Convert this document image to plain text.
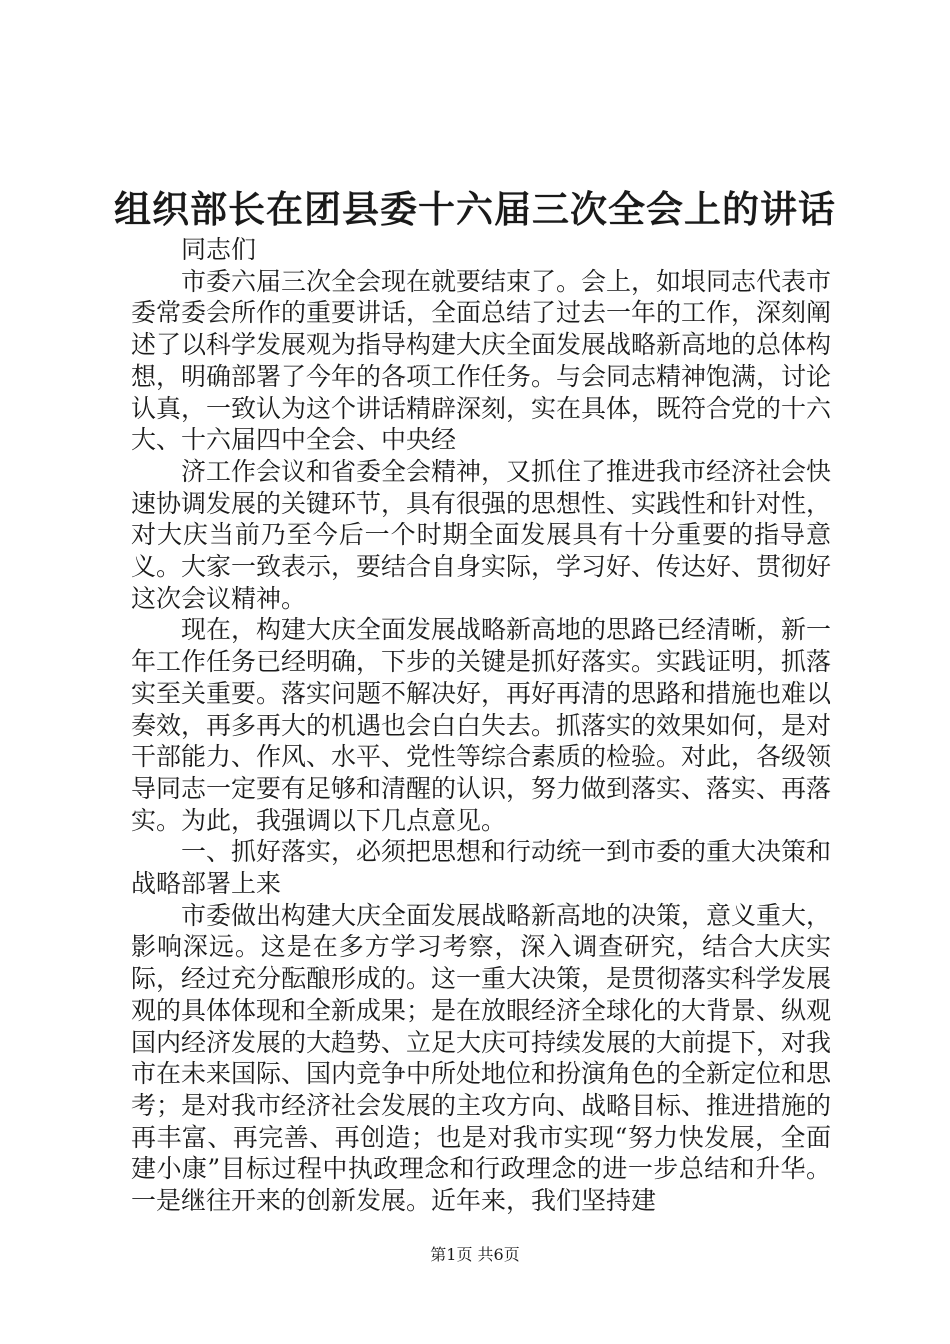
组织部长在团县委十六届三次全会上的讲话

同志们

市委六届三次全会现在就要结束了。会上，如垠同志代表市委常委会所作的重要讲话，全面总结了过去一年的工作，深刻阐述了以科学发展观为指导构建大庆全面发展战略新高地的总体构想，明确部署了今年的各项工作任务。与会同志精神饱满，讨论认真，一致认为这个讲话精辟深刻，实在具体，既符合党的十六大、十六届四中全会、中央经

济工作会议和省委全会精神，又抓住了推进我市经济社会快速协调发展的关键环节，具有很强的思想性、实践性和针对性，对大庆当前乃至今后一个时期全面发展具有十分重要的指导意义。大家一致表示，要结合自身实际，学习好、传达好、贯彻好这次会议精神。

现在，构建大庆全面发展战略新高地的思路已经清晰，新一年工作任务已经明确，下步的关键是抓好落实。实践证明，抓落实至关重要。落实问题不解决好，再好再清的思路和措施也难以奏效，再多再大的机遇也会白白失去。抓落实的效果如何，是对干部能力、作风、水平、党性等综合素质的检验。对此，各级领导同志一定要有足够和清醒的认识，努力做到落实、落实、再落实。为此，我强调以下几点意见。

一、抓好落实，必须把思想和行动统一到市委的重大决策和战略部署上来

市委做出构建大庆全面发展战略新高地的决策，意义重大，影响深远。这是在多方学习考察，深入调查研究，结合大庆实际，经过充分酝酿形成的。这一重大决策，是贯彻落实科学发展观的具体体现和全新成果；是在放眼经济全球化的大背景、纵观国内经济发展的大趋势、立足大庆可持续发展的大前提下，对我市在未来国际、国内竞争中所处地位和扮演角色的全新定位和思考；是对我市经济社会发展的主攻方向、战略目标、推进措施的再丰富、再完善、再创造；也是对我市实现“努力快发展，全面建小康”目标过程中执政理念和行政理念的进一步总结和升华。一是继往开来的创新发展。近年来，我们坚持建

第1页 共6页
